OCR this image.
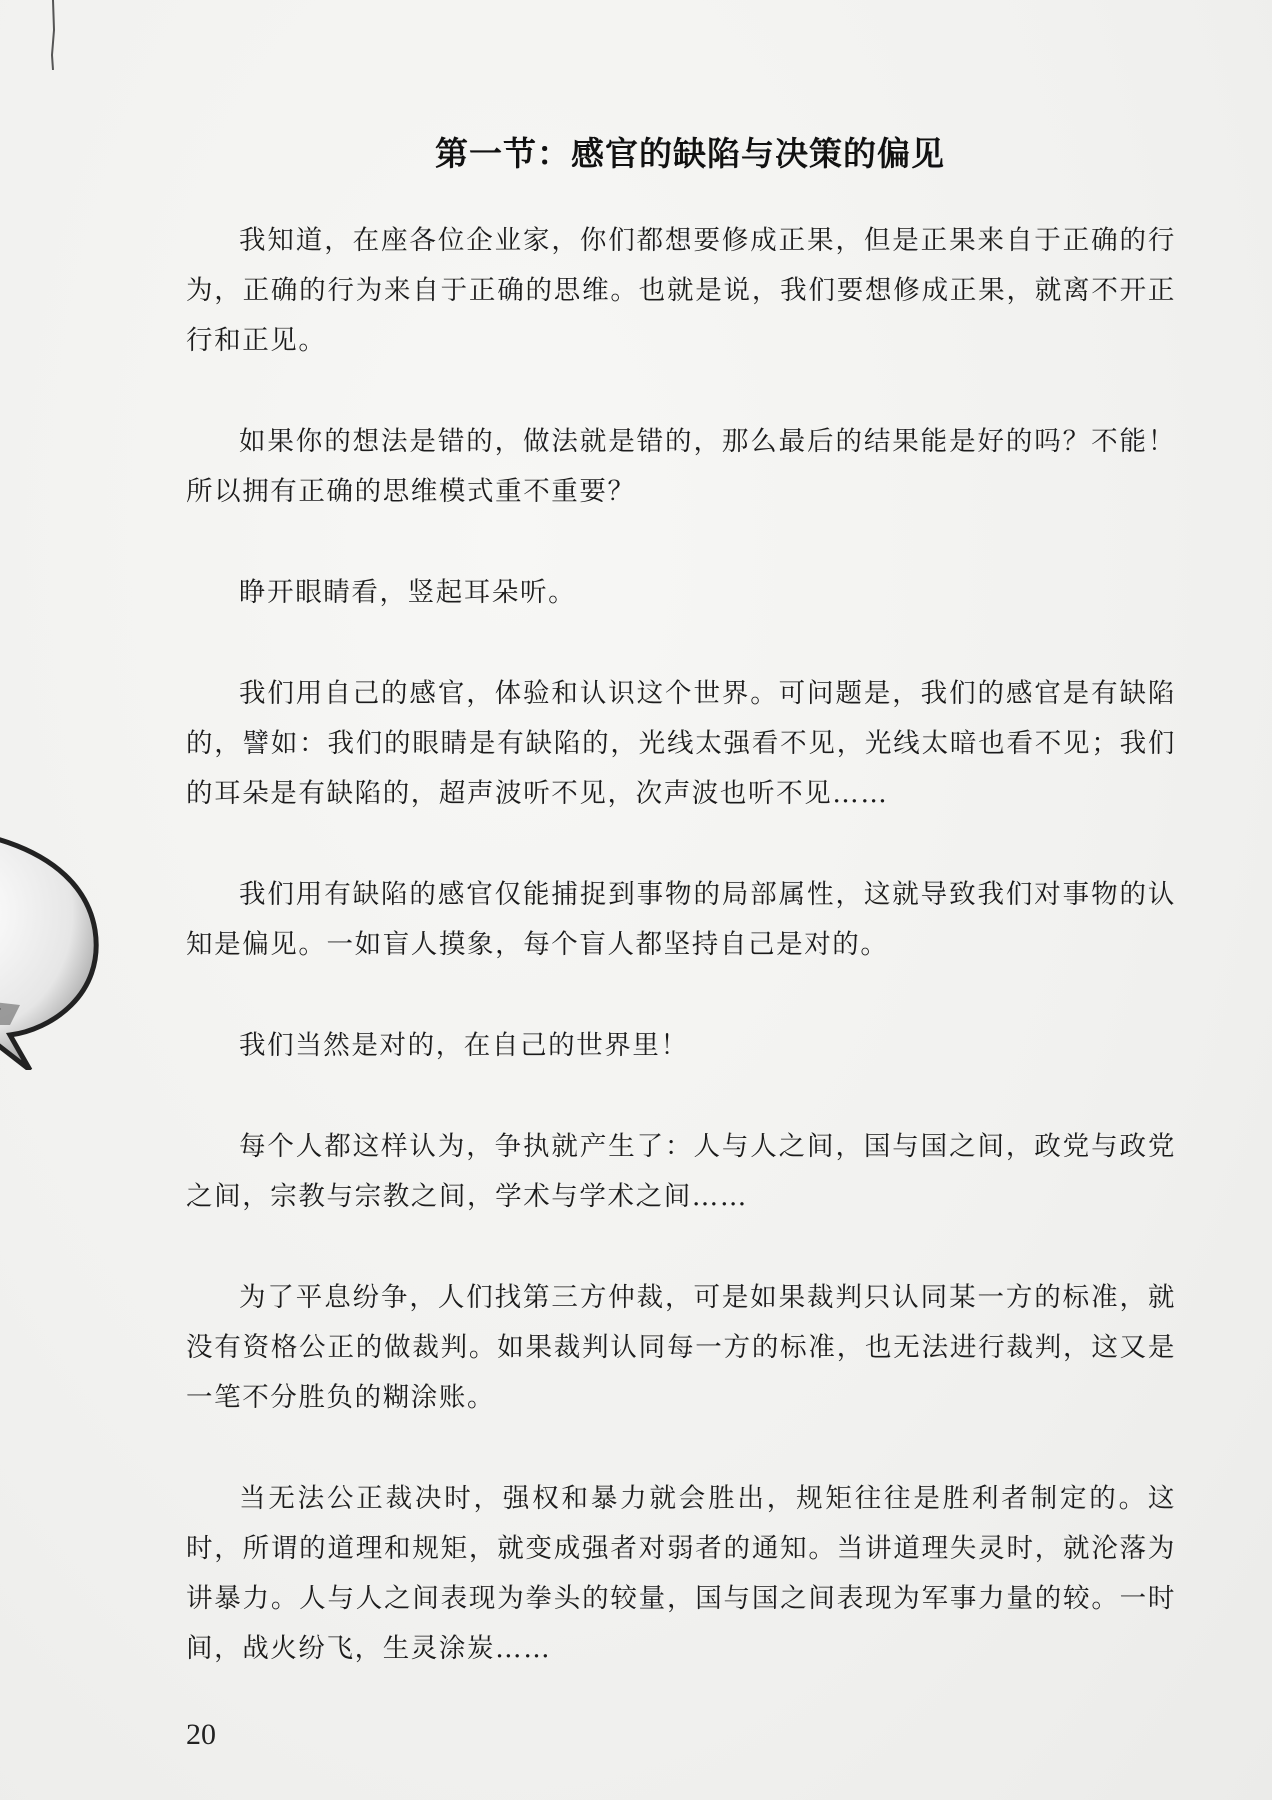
第一节：感官的缺陷与决策的偏见

我知道，在座各位企业家，你们都想要修成正果，但是正果来自于正确的行为，正确的行为来自于正确的思维。也就是说，我们要想修成正果，就离不开正行和正见。

如果你的想法是错的，做法就是错的，那么最后的结果能是好的吗？不能！所以拥有正确的思维模式重不重要？

睁开眼睛看，竖起耳朵听。

我们用自己的感官，体验和认识这个世界。可问题是，我们的感官是有缺陷的，譬如：我们的眼睛是有缺陷的，光线太强看不见，光线太暗也看不见；我们的耳朵是有缺陷的，超声波听不见，次声波也听不见……

我们用有缺陷的感官仅能捕捉到事物的局部属性，这就导致我们对事物的认知是偏见。一如盲人摸象，每个盲人都坚持自己是对的。

我们当然是对的，在自己的世界里！

每个人都这样认为，争执就产生了：人与人之间，国与国之间，政党与政党之间，宗教与宗教之间，学术与学术之间……

为了平息纷争，人们找第三方仲裁，可是如果裁判只认同某一方的标准，就没有资格公正的做裁判。如果裁判认同每一方的标准，也无法进行裁判，这又是一笔不分胜负的糊涂账。

当无法公正裁决时，强权和暴力就会胜出，规矩往往是胜利者制定的。这时，所谓的道理和规矩，就变成强者对弱者的通知。当讲道理失灵时，就沦落为讲暴力。人与人之间表现为拳头的较量，国与国之间表现为军事力量的较。一时间，战火纷飞，生灵涂炭……

20
